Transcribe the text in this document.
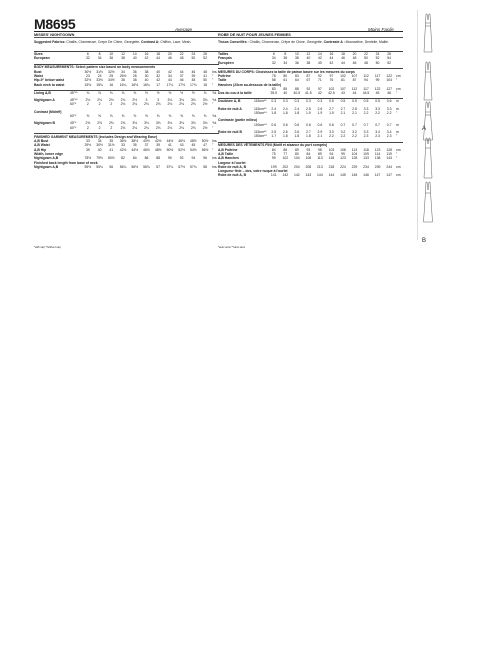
M8695	Average	Moins Facile
MISSES' NIGHTGOWN
Suggested Fabrics: Challis, Charmeuse, Crepe De Chine, Georgette. Contrast A: Chiffon, Lace, Mesh.
Sizes		6	8	10	12	14	16	18	20	22	24	26	
European		32	34	36	38	40	42	44	46	48	50	52	

BODY MEASUREMENTS: Select pattern size based on body measurements													
Bust		30½	31½	32½	34	36	38	40	42	44	46	48	Ins.
Waist		23	24	25	26½	28	30	32	34	37	39	41	"
Hip-9" below waist		32½	33½	34½	36	38	40	42	44	46	48	50	"
Back neck to waist		15½	15¾	16	16¼	16½	16¾	17	17¼	17½	17¾	18	"

Lining A,B	45"**	⅜	⅜	⅜	⅜	⅜	½	½	½	½	½	⅝	Yd.

Nightgown A	45"**	2⅛	2⅛	2⅛	2⅛	2½	3	3	3⅛	3⅛	3⅛	3⅛	Yd.
	60"*	2	2	2	2⅛	2⅛	2⅛	2⅛	2⅛	2⅛	2⅛	2½	"

Contrast (Midriff)													
	60"*	⅝	⅝	⅝	⅝	⅝	⅝	⅝	⅝	⅝	⅝	⅝	Yd.

Nightgown B	45"*	2⅜	2⅜	2⅜	2⅜	3⅛	3⅛	3⅛	3⅛	3⅛	3⅛	3⅛	Yd.
	60"*	2	2	2	2⅛	2⅛	2⅛	2⅛	2⅛	2⅛	2⅛	2½	"

FINISHED GARMENT MEASUREMENTS (Includes Design and Wearing Ease)													
A,B Bust		33	34	35	36½	38½	40½	42½	44½	46½	48½	50½	Ins.
A,B Waist		29½	30½	31½	33	35	37	39	41	43	45	47	"
A,B Hip		39	40	41	42½	44½	46½	48½	50½	52½	54½	56½	"
Width, lower edge													
Nightgown A,B		78½	79½	80½	82	84	86	88	90	92	94	96	Ins.
Finished back length from base of neck													
Nightgown A,B		55½	55¾	56	56¼	56½	56¾	57	57¼	57½	57¾	58	Ins.
ROBE DE NUIT POUR JEUNES FEMMES
Tissus Conseillés : Challis, Charmeuse, Crêpe de Chine, Georgette. Contraste A : Mousseline, Dentelle, Maille.
Tailles		6	8	10	12	14	16	18	20	22	24	26	
Français		34	36	38	40	42	44	46	48	50	52	54	
Européen		32	34	36	38	40	42	44	46	48	50	52	

MESURES DU CORPS: Choisissez la taille de patron basée sur les mesures du corps													
Poitrine		78	80	83	87	92	97	102	107	112	117	122	cm
Taille		58	61	64	67	71	76	81	87	94	99	104	"
Hanches (23cm au-dessous de la taille)													
		83	85	88	92	97	102	107	112	117	122	127	cm
Dos du cou à la taille		39.5	40	40.5	41.5	42	42.5	43	44	44.5	45	46	"

Doublure A, B	115cm**	0.3	0.3	0.3	0.3	0.3	0.5	0.5	0.5	0.5	0.5	0.6	m

Robe de nuit A	115cm**	2.4	2.4	2.4	2.5	2.6	2.7	2.7	2.8	3.3	3.3	3.3	m
	150cm**	1.8	1.8	1.8	1.9	1.9	1.9	2.1	2.1	2.2	2.2	2.2	"

Contraste (partie milieu)													
	150cm**	0.6	0.6	0.6	0.6	0.6	0.6	0.7	0.7	0.7	0.7	0.7	m

Robe de nuit B	115cm**	2.5	2.6	2.6	2.7	2.9	3.0	3.2	3.2	3.3	3.4	3.4	m
	150cm**	1.7	1.8	1.8	1.8	2.1	2.2	2.2	2.2	2.3	2.3	2.3	"

MESURES DES VÊTEMENTS FINI (Motif et aisance du port compris)													
A,B Poitrine		84	86	89	93	98	103	108	113	118	123	128	cm
A,B Taille		75	77	80	84	89	94	99	104	109	114	119	"
A,B Hanches		99	102	104	108	113	118	123	128	133	138	143	"
Largeur à l'ourlet													
Robe de nuit A, B		199	202	204	208	213	218	224	229	234	239	244	cm
Longueur finie – dos, votre nuque à l'ourlet													
Robe de nuit A, B		141	142	142	143	144	144	145	145	146	147	147	cm
*with nap **without nap	*avec sens **sans sens
A
B
